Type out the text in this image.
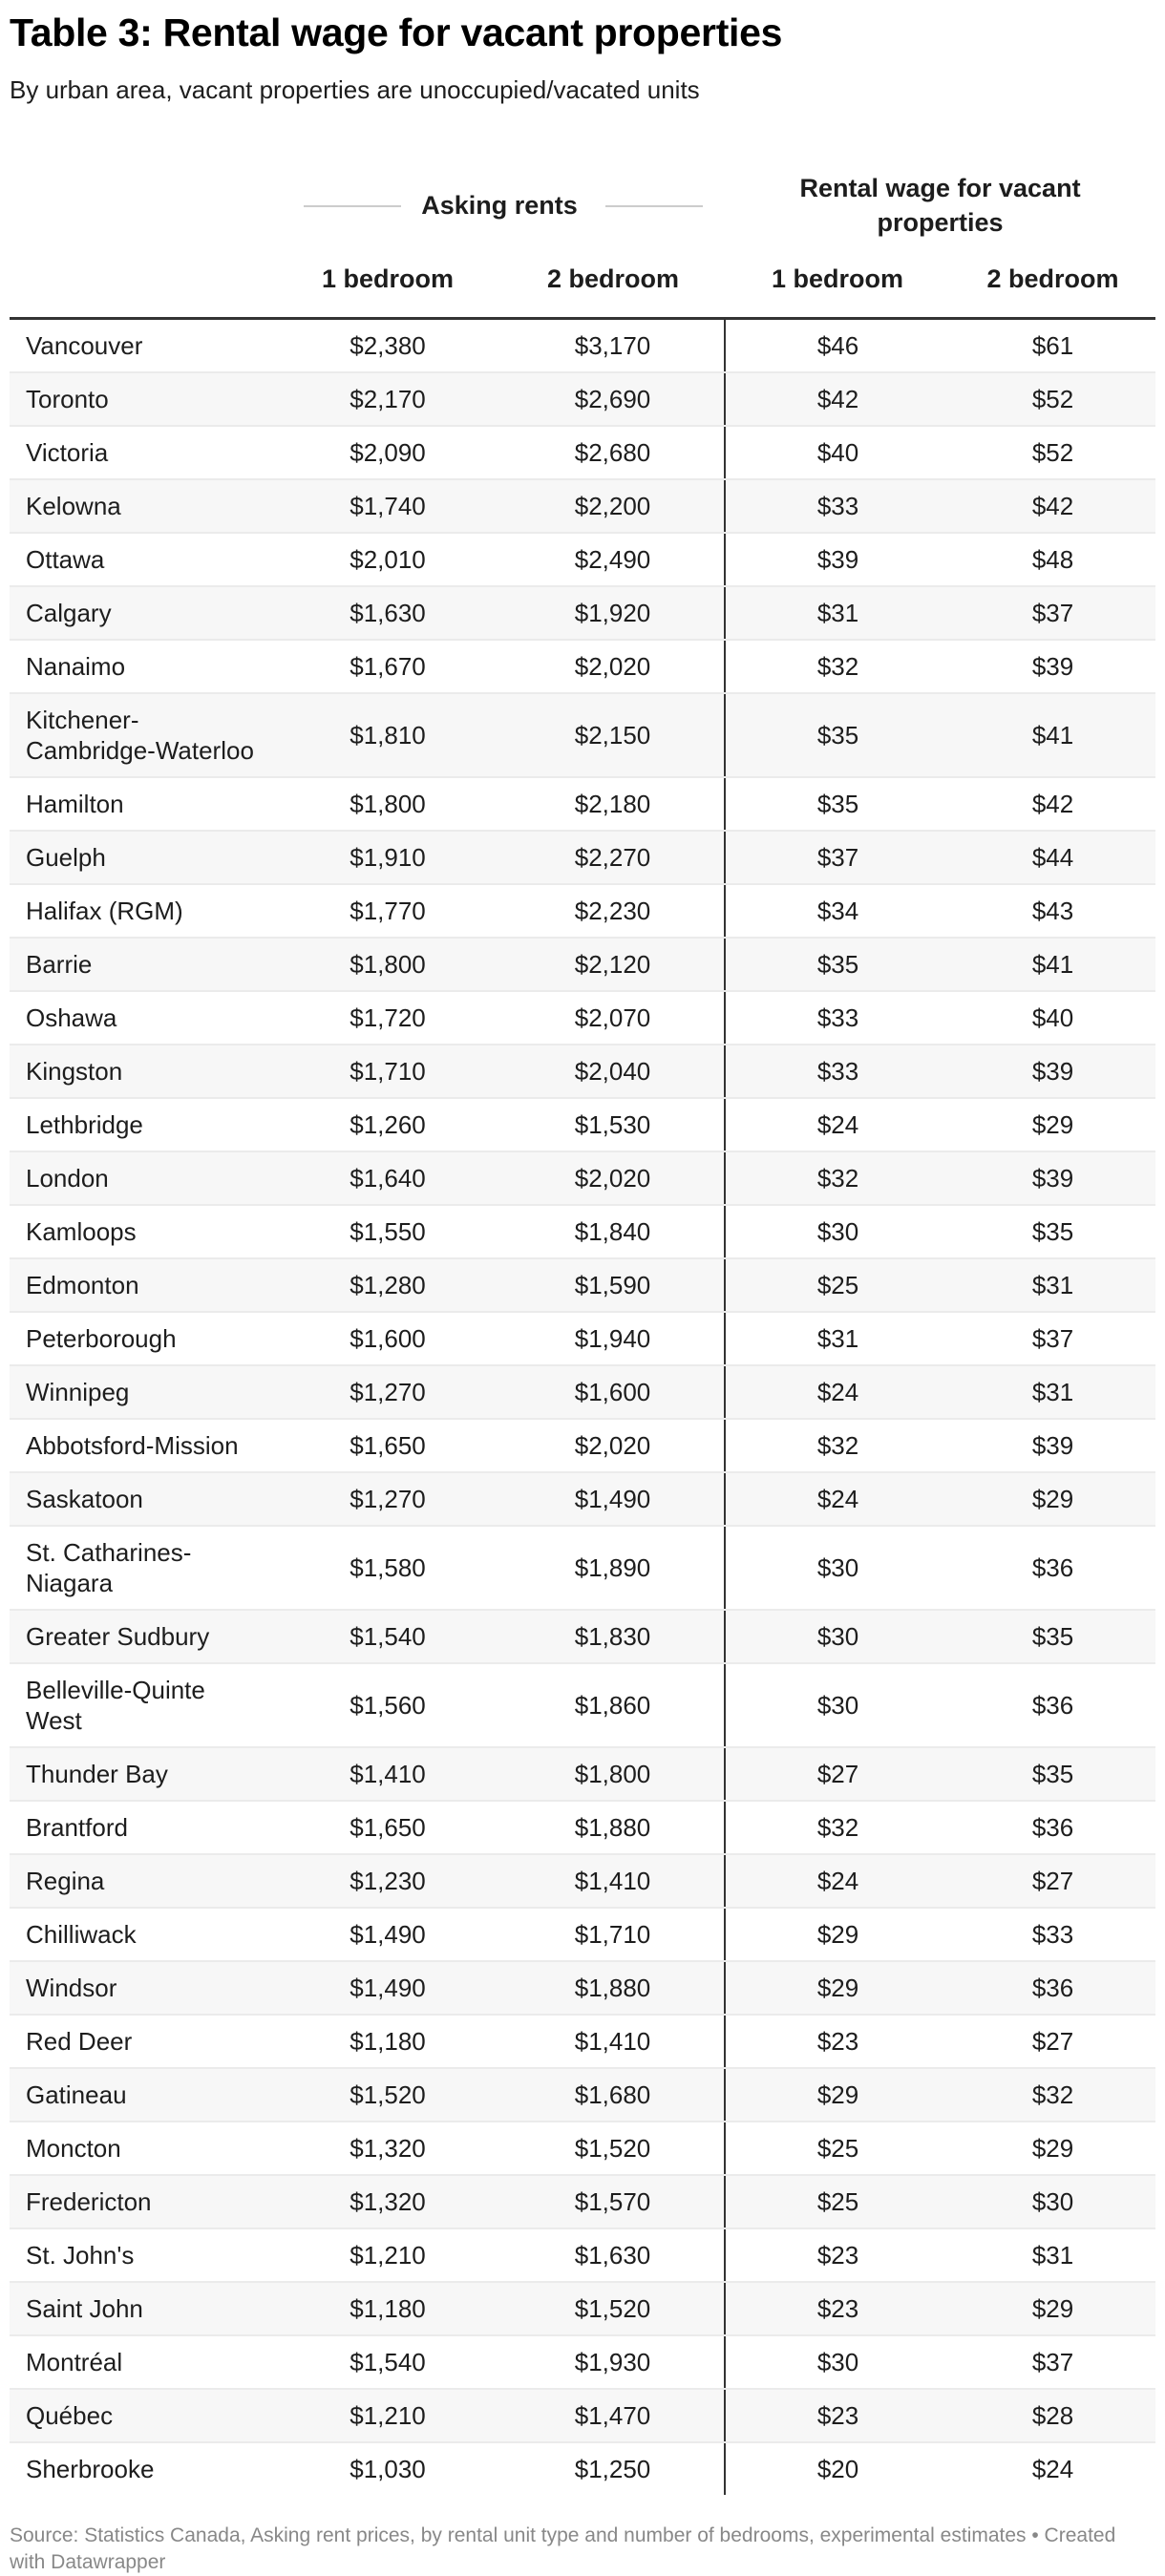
Table 3: Rental wage for vacant properties

By urban area, vacant properties are unoccupied/vacated units

Asking rents		Rental wage for vacant properties	
	1 bedroom	2 bedroom	1 bedroom	2 bedroom
Vancouver	$2,380	$3,170	$46	$61
Toronto	$2,170	$2,690	$42	$52
Victoria	$2,090	$2,680	$40	$52
Kelowna	$1,740	$2,200	$33	$42
Ottawa	$2,010	$2,490	$39	$48
Calgary	$1,630	$1,920	$31	$37
Nanaimo	$1,670	$2,020	$32	$39
Kitchener-Cambridge-Waterloo	$1,810	$2,150	$35	$41
Hamilton	$1,800	$2,180	$35	$42
Guelph	$1,910	$2,270	$37	$44
Halifax (RGM)	$1,770	$2,230	$34	$43
Barrie	$1,800	$2,120	$35	$41
Oshawa	$1,720	$2,070	$33	$40
Kingston	$1,710	$2,040	$33	$39
Lethbridge	$1,260	$1,530	$24	$29
London	$1,640	$2,020	$32	$39
Kamloops	$1,550	$1,840	$30	$35
Edmonton	$1,280	$1,590	$25	$31
Peterborough	$1,600	$1,940	$31	$37
Winnipeg	$1,270	$1,600	$24	$31
Abbotsford-Mission	$1,650	$2,020	$32	$39
Saskatoon	$1,270	$1,490	$24	$29
St. Catharines-Niagara	$1,580	$1,890	$30	$36
Greater Sudbury	$1,540	$1,830	$30	$35
Belleville-Quinte West	$1,560	$1,860	$30	$36
Thunder Bay	$1,410	$1,800	$27	$35
Brantford	$1,650	$1,880	$32	$36
Regina	$1,230	$1,410	$24	$27
Chilliwack	$1,490	$1,710	$29	$33
Windsor	$1,490	$1,880	$29	$36
Red Deer	$1,180	$1,410	$23	$27
Gatineau	$1,520	$1,680	$29	$32
Moncton	$1,320	$1,520	$25	$29
Fredericton	$1,320	$1,570	$25	$30
St. John's	$1,210	$1,630	$23	$31
Saint John	$1,180	$1,520	$23	$29
Montréal	$1,540	$1,930	$30	$37
Québec	$1,210	$1,470	$23	$28
Sherbrooke	$1,030	$1,250	$20	$24

Source: Statistics Canada, Asking rent prices, by rental unit type and number of bedrooms, experimental estimates • Created with Datawrapper
